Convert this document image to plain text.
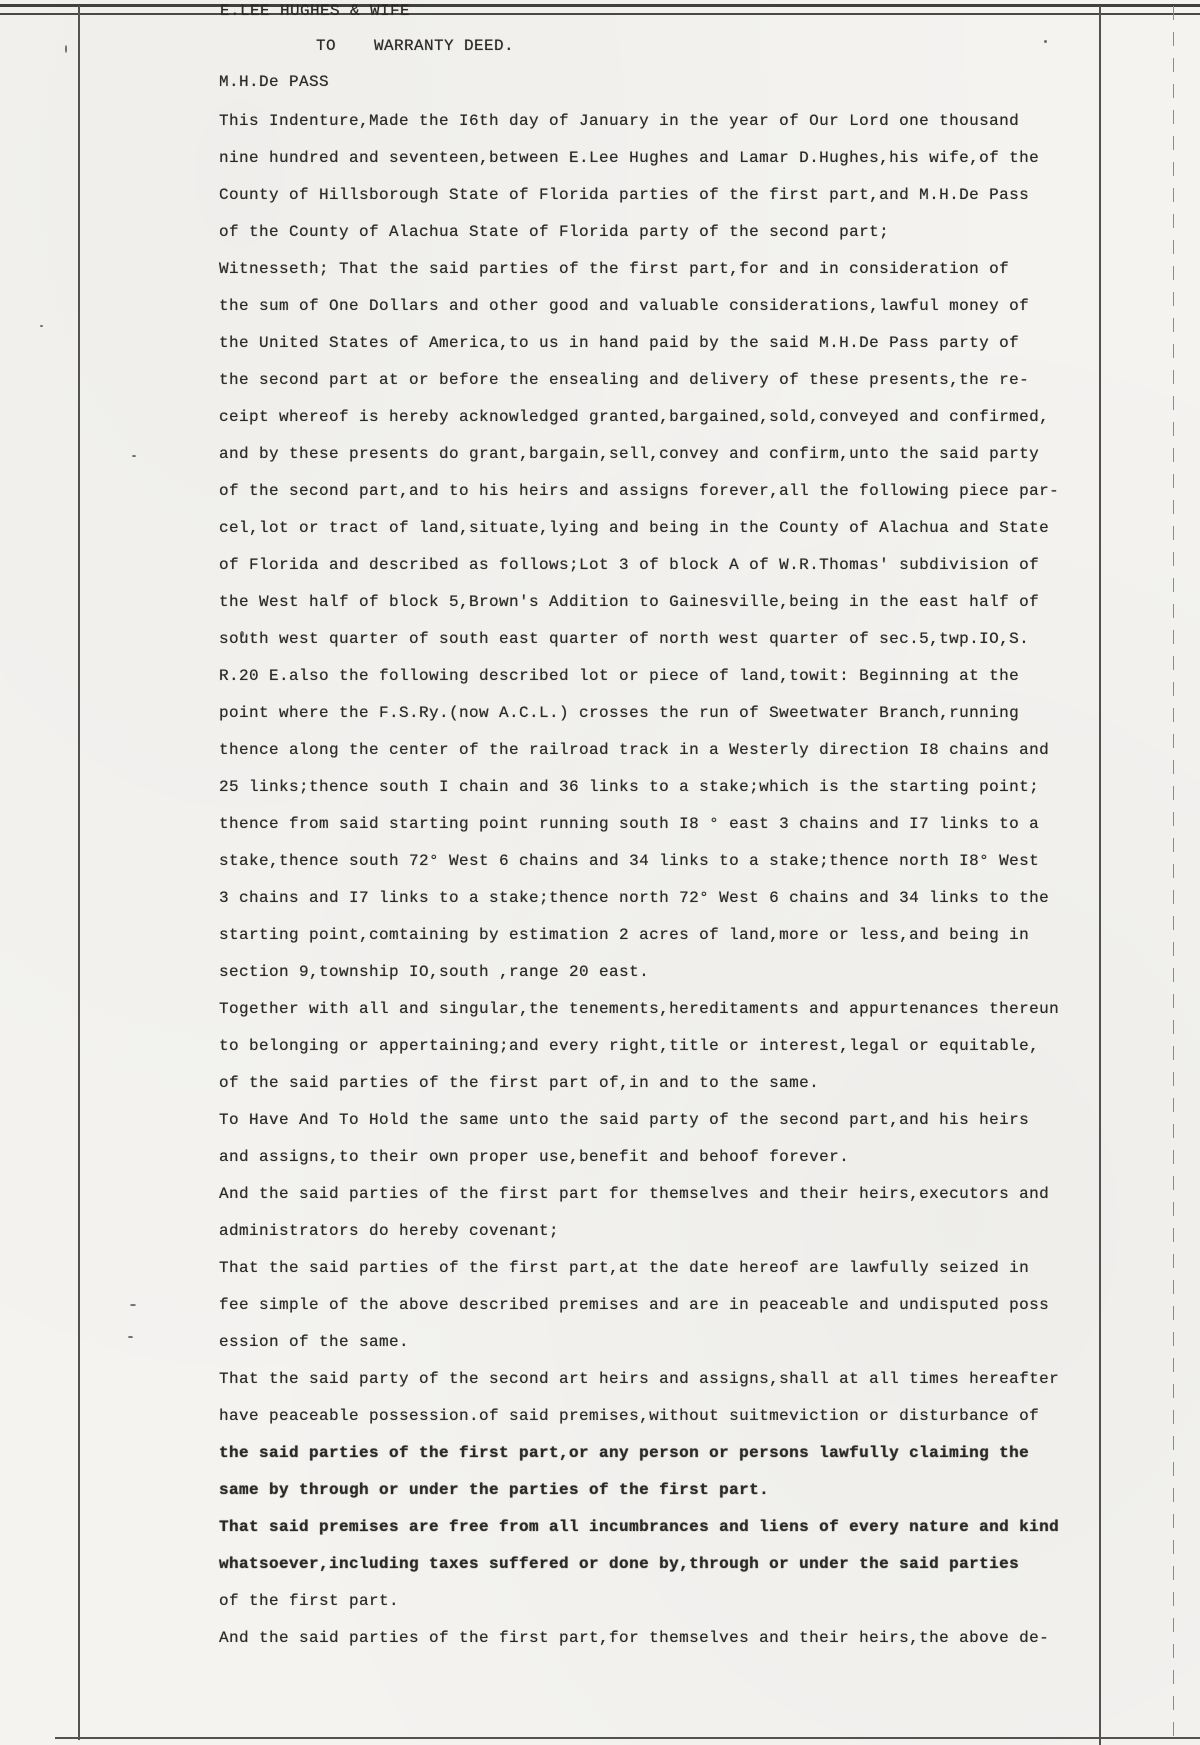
E.LEE HUGHES & WIFE
TO WARRANTY DEED.
M.H.De PASS
This Indenture,Made the I6th day of January in the year of Our Lord one thousand
nine hundred and seventeen,between E.Lee Hughes and Lamar D.Hughes,his wife,of the
County of Hillsborough State of Florida parties of the first part,and M.H.De Pass
of the County of Alachua State of Florida party of the second part;
Witnesseth; That the said parties of the first part,for and in consideration of
the sum of One Dollars and other good and valuable considerations,lawful money of
the United States of America,to us in hand paid by the said M.H.De Pass party of
the second part at or before the ensealing and delivery of these presents,the re-
ceipt whereof is hereby acknowledged granted,bargained,sold,conveyed and confirmed,
and by these presents do grant,bargain,sell,convey and confirm,unto the said party
of the second part,and to his heirs and assigns forever,all the following piece par-
cel,lot or tract of land,situate,lying and being in the County of Alachua and State
of Florida and described as follows;Lot 3 of block A of W.R.Thomas' subdivision of
the West half of block 5,Brown's Addition to Gainesville,being in the east half of
south west quarter of south east quarter of north west quarter of sec.5,twp.IO,S.
R.20 E.also the following described lot or piece of land,towit: Beginning at the
point where the F.S.Ry.(now A.C.L.) crosses the run of Sweetwater Branch,running
thence along the center of the railroad track in a Westerly direction I8 chains and
25 links;thence south I chain and 36 links to a stake;which is the starting point;
thence from said starting point running south I8 ° east 3 chains and I7 links to a
stake,thence south 72° West 6 chains and 34 links to a stake;thence north I8° West
3 chains and I7 links to a stake;thence north 72° West 6 chains and 34 links to the
starting point,comtaining by estimation 2 acres of land,more or less,and being in
section 9,township IO,south ,range 20 east.
Together with all and singular,the tenements,hereditaments and appurtenances thereun
to belonging or appertaining;and every right,title or interest,legal or equitable,
of the said parties of the first part of,in and to the same.
To Have And To Hold the same unto the said party of the second part,and his heirs
and assigns,to their own proper use,benefit and behoof forever.
And the said parties of the first part for themselves and their heirs,executors and
administrators do hereby covenant;
That the said parties of the first part,at the date hereof are lawfully seized in
fee simple of the above described premises and are in peaceable and undisputed poss
ession of the same.
That the said party of the second art heirs and assigns,shall at all times hereafter
have peaceable possession.of said premises,without suitmeviction or disturbance of
the said parties of the first part,or any person or persons lawfully claiming the
same by through or under the parties of the first part.
That said premises are free from all incumbrances and liens of every nature and kind
whatsoever,including taxes suffered or done by,through or under the said parties
of the first part.
And the said parties of the first part,for themselves and their heirs,the above de-
